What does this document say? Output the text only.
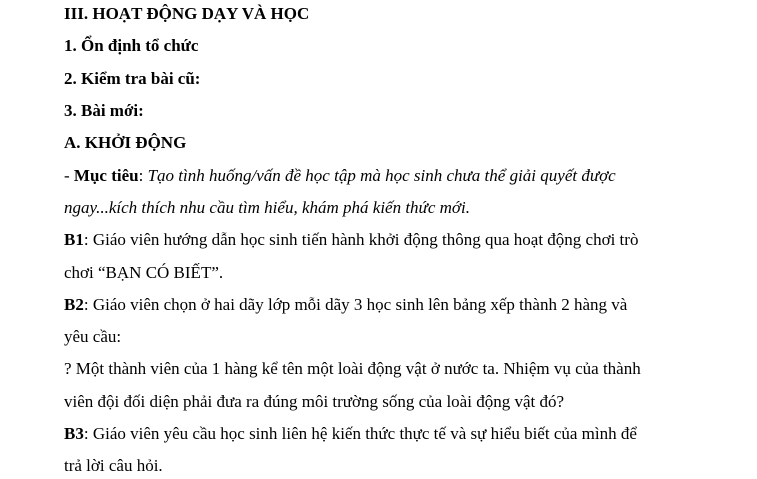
III. HOẠT ĐỘNG DẠY VÀ HỌC
1. Ổn định tổ chức
2. Kiểm tra bài cũ:
3. Bài mới:
A. KHỞI ĐỘNG
- Mục tiêu: Tạo tình huống/vấn đề học tập mà học sinh chưa thể giải quyết được
ngay...kích thích nhu cầu tìm hiểu, khám phá kiến thức mới.
B1: Giáo viên hướng dẫn học sinh tiến hành khởi động thông qua hoạt động chơi trò
chơi “BẠN CÓ BIẾT”.
B2: Giáo viên chọn ở hai dãy lớp mỗi dãy 3 học sinh lên bảng xếp thành 2 hàng và
yêu cầu:
? Một thành viên của 1 hàng kể tên một loài động vật ở nước ta. Nhiệm vụ của thành
viên đội đối diện phải đưa ra đúng môi trường sống của loài động vật đó?
B3: Giáo viên yêu cầu học sinh liên hệ kiến thức thực tế và sự hiểu biết của mình để
trả lời câu hỏi.
